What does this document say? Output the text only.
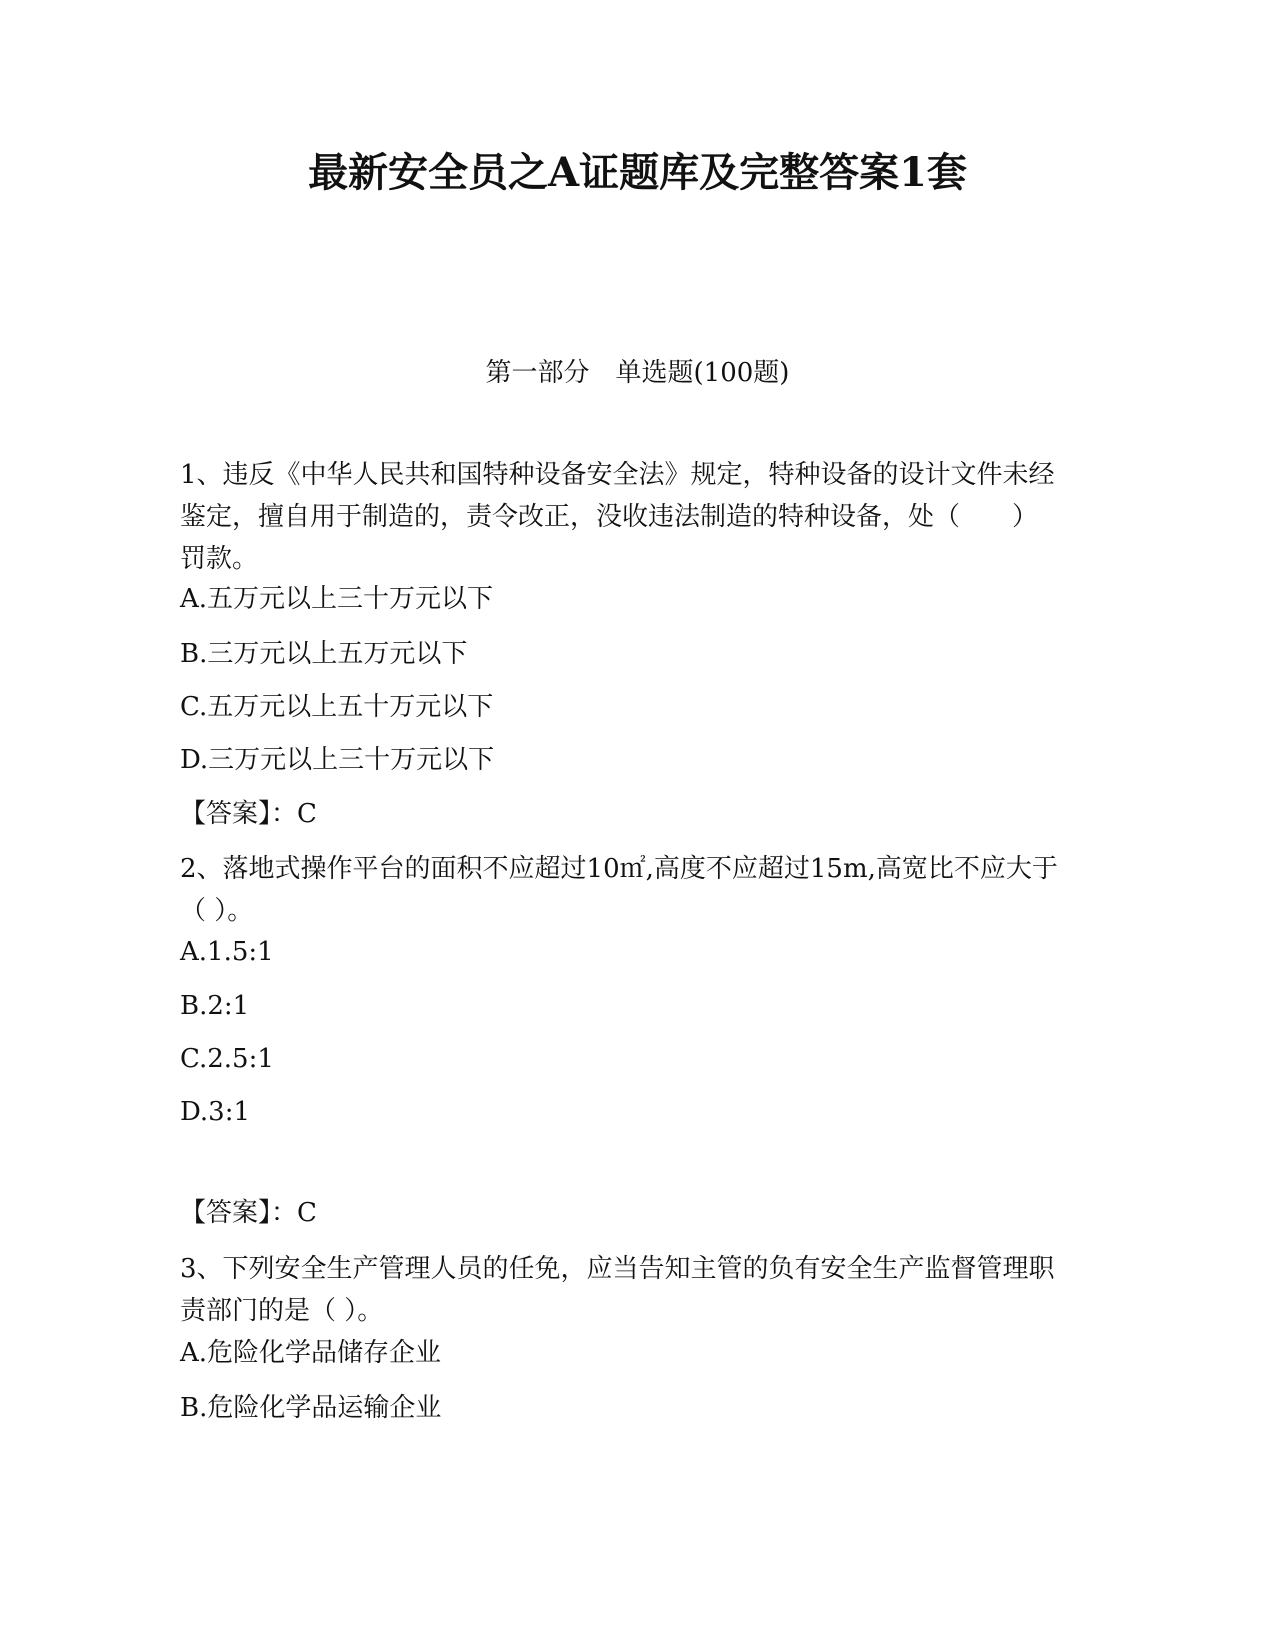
最新安全员之A证题库及完整答案1套
第一部分　单选题(100题)

1、违反《中华人民共和国特种设备安全法》规定，特种设备的设计文件未经鉴定，擅自用于制造的，责令改正，没收违法制造的特种设备，处（　　）罚款。

A.五万元以上三十万元以下

B.三万元以上五万元以下

C.五万元以上五十万元以下

D.三万元以上三十万元以下

【答案】：C

2、落地式操作平台的面积不应超过10㎡,高度不应超过15m,高宽比不应大于（ ）。

A.1.5:1

B.2:1

C.2.5:1

D.3:1

【答案】：C

3、下列安全生产管理人员的任免，应当告知主管的负有安全生产监督管理职责部门的是（ ）。

A.危险化学品储存企业

B.危险化学品运输企业
